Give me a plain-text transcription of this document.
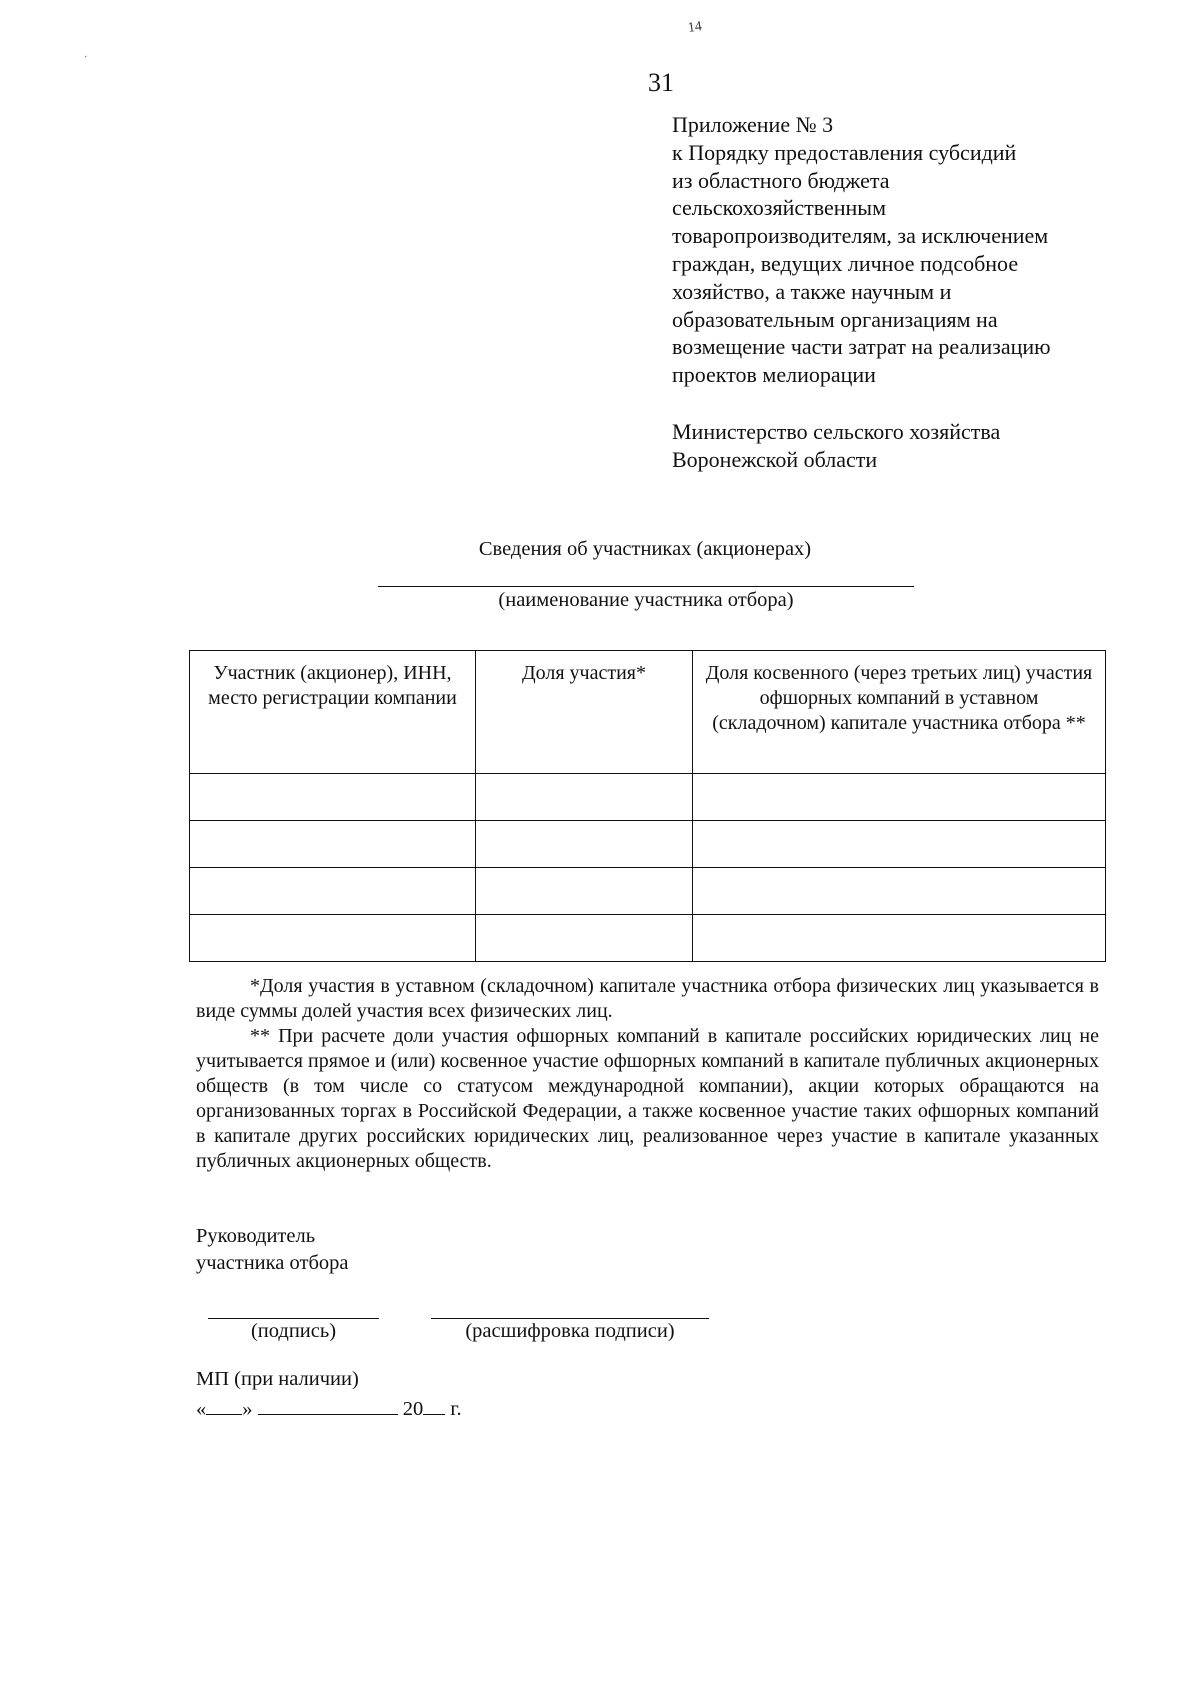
14
·
31
Приложение № 3
к Порядку предоставления субсидий
из областного бюджета
сельскохозяйственным
товаропроизводителям, за исключением
граждан, ведущих личное подсобное
хозяйство, а также научным и
образовательным организациям на
возмещение части затрат на реализацию
проектов мелиорации
Министерство сельского хозяйства
Воронежской области
Сведения об участниках (акционерах)
(наименование участника отбора)
Участник (акционер), ИНН, место регистрации компании	Доля участия*	Доля косвенного (через третьих лиц) участия офшорных компаний в уставном (складочном) капитале участника отбора **

*Доля участия в уставном (складочном) капитале участника отбора физических лиц указывается в виде суммы долей участия всех физических лиц.

** При расчете доли участия офшорных компаний в капитале российских юридических лиц не учитывается прямое и (или) косвенное участие офшорных компаний в капитале публичных акционерных обществ (в том числе со статусом международной компании), акции которых обращаются на организованных торгах в Российской Федерации, а также косвенное участие таких офшорных компаний в капитале других российских юридических лиц, реализованное через участие в капитале указанных публичных акционерных обществ.

Руководитель
участника отбора
(подпись)	(расшифровка подписи)
МП (при наличии)
« »	20 г.
